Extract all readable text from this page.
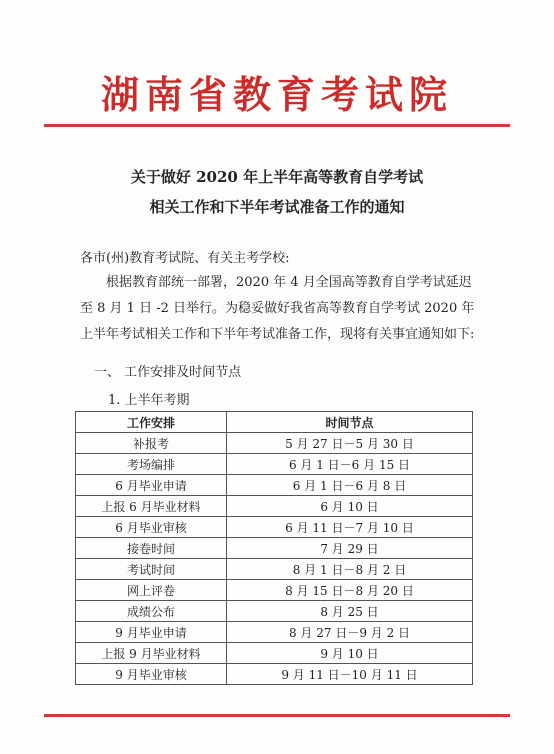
湖南省教育考试院
关于做好 2020 年上半年高等教育自学考试
相关工作和下半年考试准备工作的通知
各市(州)教育考试院、有关主考学校:
根据教育部统一部署，2020 年 4 月全国高等教育自学考试延迟至 8 月 1 日 -2 日举行。为稳妥做好我省高等教育自学考试 2020 年上半年考试相关工作和下半年考试准备工作，现将有关事宜通知如下:
一、 工作安排及时间节点
1. 上半年考期
工作安排	时间节点
补报考	5 月 27 日－5 月 30 日
考场编排	6 月 1 日－6 月 15 日
6 月毕业申请	6 月 1 日－6 月 8 日
上报 6 月毕业材料	6 月 10 日
6 月毕业审核	6 月 11 日－7 月 10 日
接卷时间	7 月 29 日
考试时间	8 月 1 日－8 月 2 日
网上评卷	8 月 15 日－8 月 20 日
成绩公布	8 月 25 日
9 月毕业申请	8 月 27 日－9 月 2 日
上报 9 月毕业材料	9 月 10 日
9 月毕业审核	9 月 11 日－10 月 11 日
